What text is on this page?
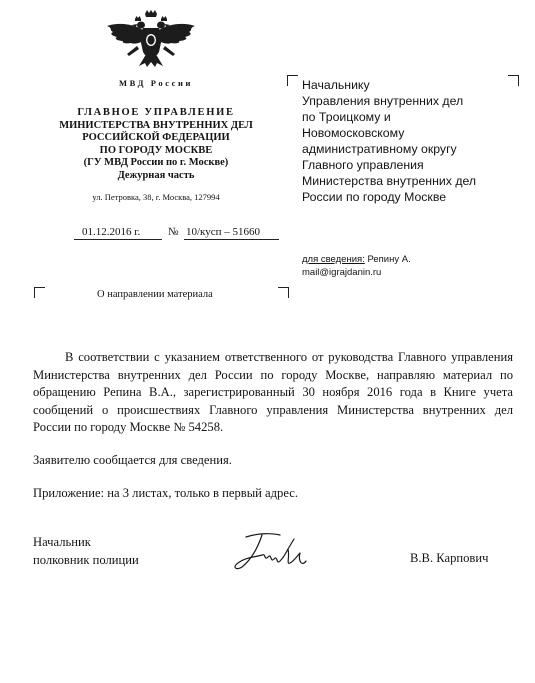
МВД России
ГЛАВНОЕ УПРАВЛЕНИЕ
МИНИСТЕРСТВА ВНУТРЕННИХ ДЕЛ
РОССИЙСКОЙ ФЕДЕРАЦИИ
ПО ГОРОДУ МОСКВЕ
(ГУ МВД России по г. Москве)
Дежурная часть
ул. Петровка, 38, г. Москва, 127994
01.12.2016 г.	№ 10/кусп – 51660
Начальнику
Управления внутренних дел
по Троицкому и
Новомосковскому
административному округу
Главного управления
Министерства внутренних дел
России по городу Москве
для сведения: Репину А.
mail@igrajdanin.ru
О направлении материала
В соответствии с указанием ответственного от руководства Главного управления Министерства внутренних дел России по городу Москве, направляю материал по обращению Репина В.А., зарегистрированный 30 ноября 2016 года в Книге учета сообщений о происшествиях Главного управления Министерства внутренних дел России по городу Москве № 54258.
Заявителю сообщается для сведения.
Приложение: на 3 листах, только в первый адрес.
Начальник
полковник полиции	В.В. Карпович
